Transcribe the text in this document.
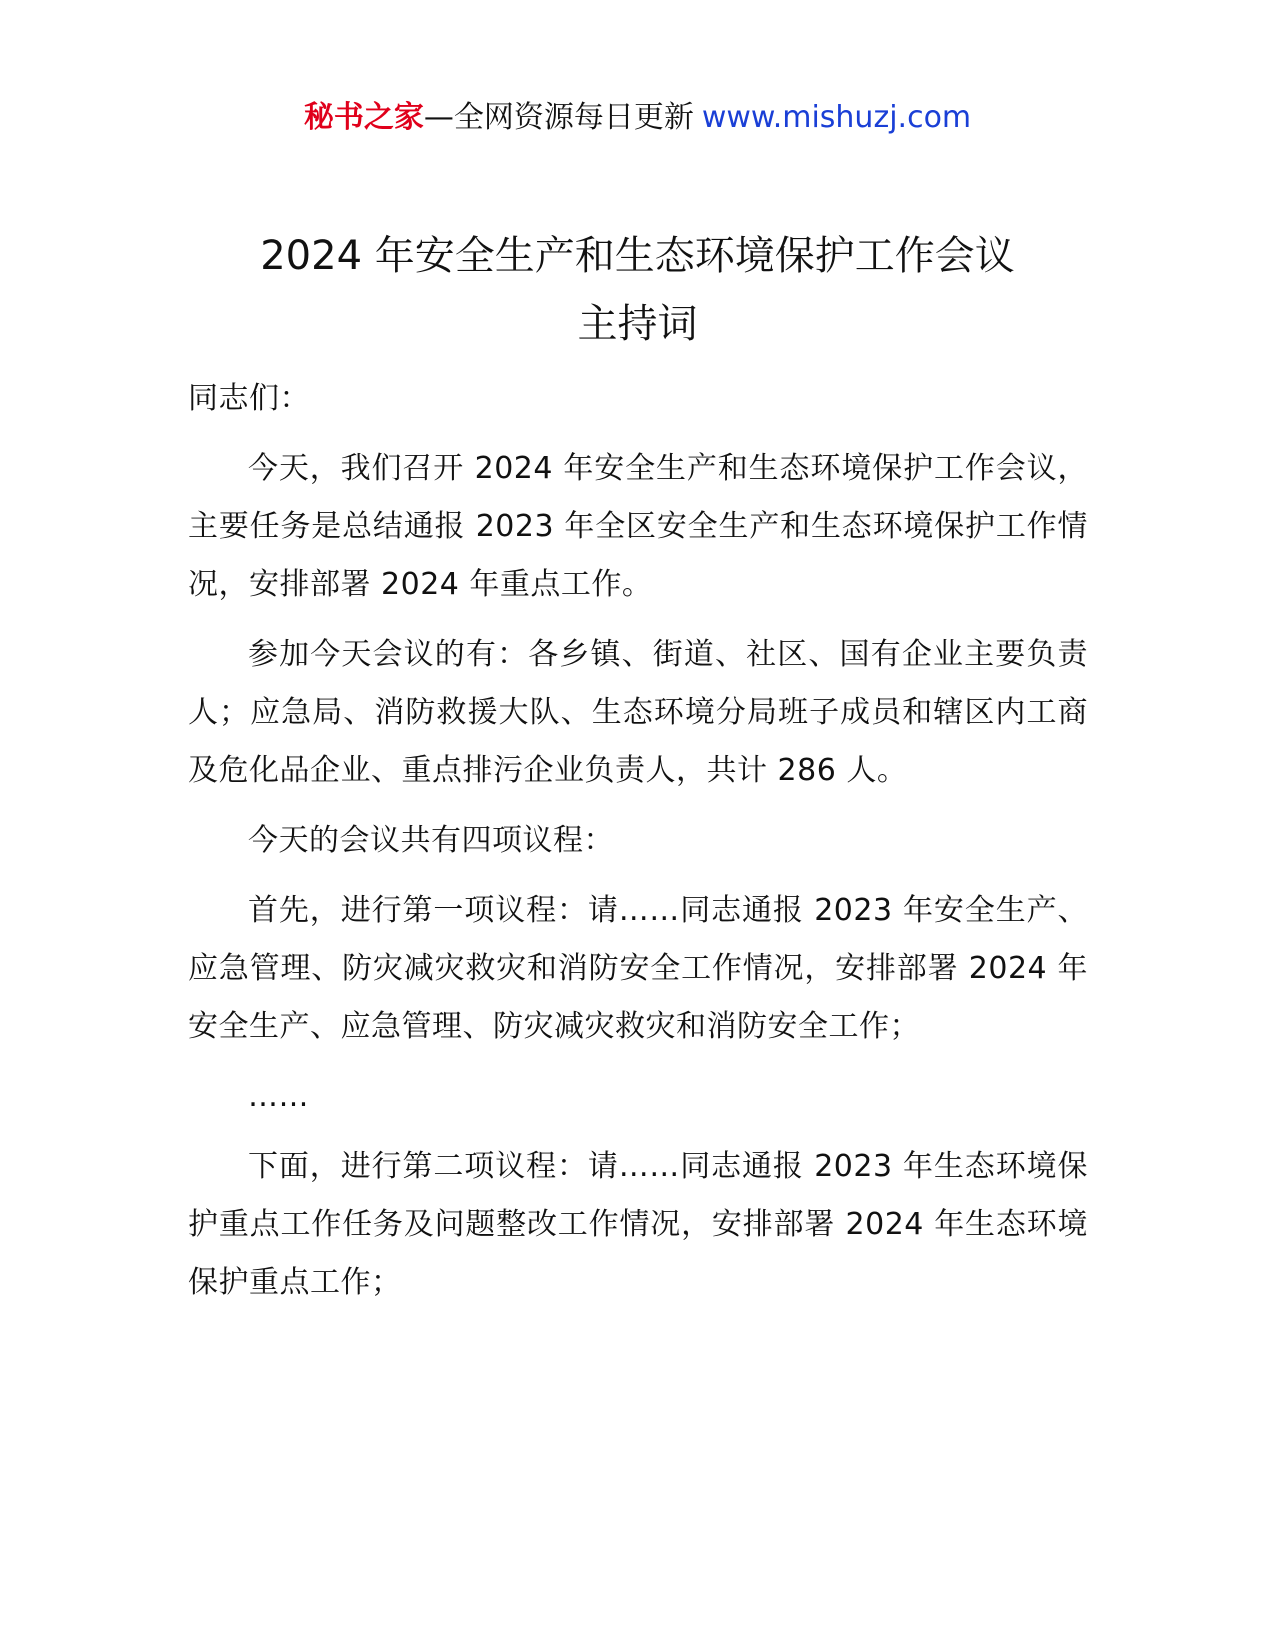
秘书之家—全网资源每日更新 www.mishuzj.com
2024 年安全生产和生态环境保护工作会议
主持词

同志们：

今天，我们召开 2024 年安全生产和生态环境保护工作会议，主要任务是总结通报 2023 年全区安全生产和生态环境保护工作情况，安排部署 2024 年重点工作。

参加今天会议的有：各乡镇、街道、社区、国有企业主要负责人；应急局、消防救援大队、生态环境分局班子成员和辖区内工商及危化品企业、重点排污企业负责人，共计 286 人。

今天的会议共有四项议程：

首先，进行第一项议程：请……同志通报 2023 年安全生产、应急管理、防灾减灾救灾和消防安全工作情况，安排部署 2024 年安全生产、应急管理、防灾减灾救灾和消防安全工作；

……

下面，进行第二项议程：请……同志通报 2023 年生态环境保护重点工作任务及问题整改工作情况，安排部署 2024 年生态环境保护重点工作；
